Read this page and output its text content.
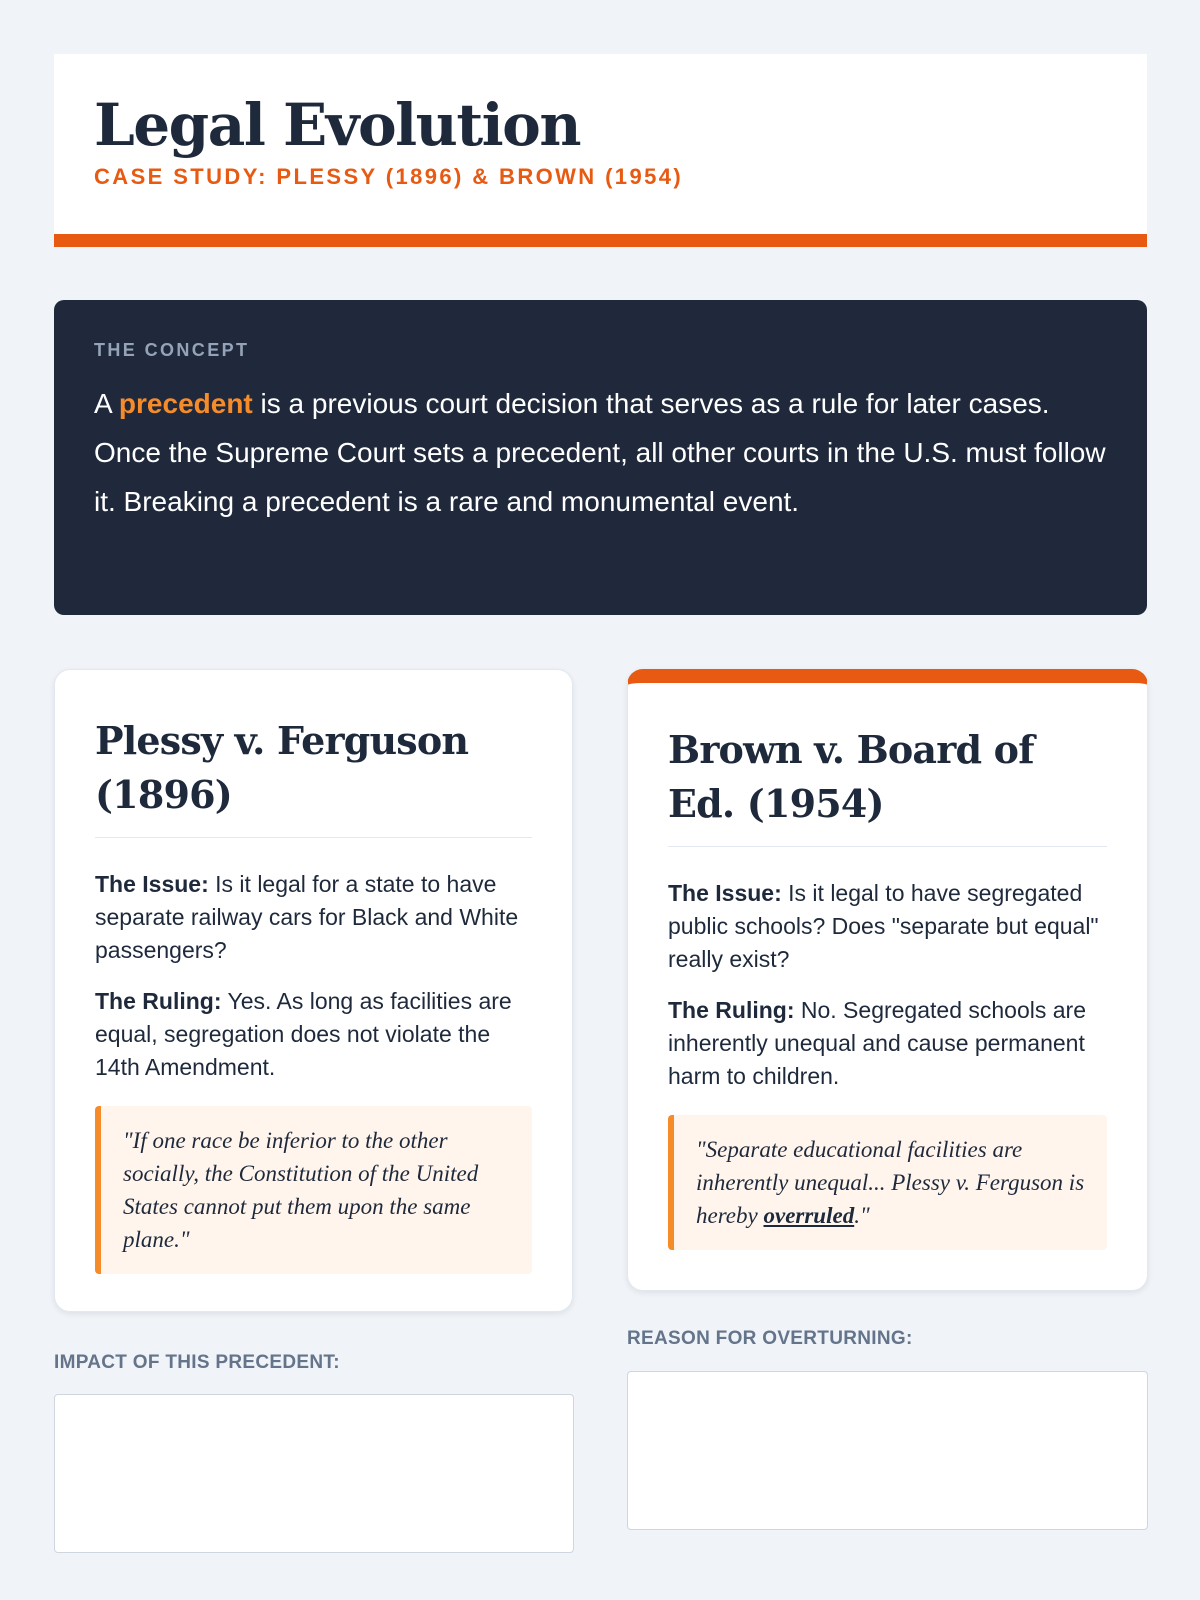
Legal Evolution
CASE STUDY: PLESSY (1896) & BROWN (1954)
THE CONCEPT

A precedent is a previous court decision that serves as a rule for later cases. Once the Supreme Court sets a precedent, all other courts in the U.S. must follow it. Breaking a precedent is a rare and monumental event.

Plessy v. Ferguson (1896)

The Issue: Is it legal for a state to have separate railway cars for Black and White passengers?

The Ruling: Yes. As long as facilities are equal, segregation does not violate the 14th Amendment.

"If one race be inferior to the other socially, the Constitution of the United States cannot put them upon the same plane."
Brown v. Board of Ed. (1954)

The Issue: Is it legal to have segregated public schools? Does "separate but equal" really exist?

The Ruling: No. Segregated schools are inherently unequal and cause permanent harm to children.

"Separate educational facilities are inherently unequal... Plessy v. Ferguson is hereby overruled."
IMPACT OF THIS PRECEDENT:
REASON FOR OVERTURNING:
